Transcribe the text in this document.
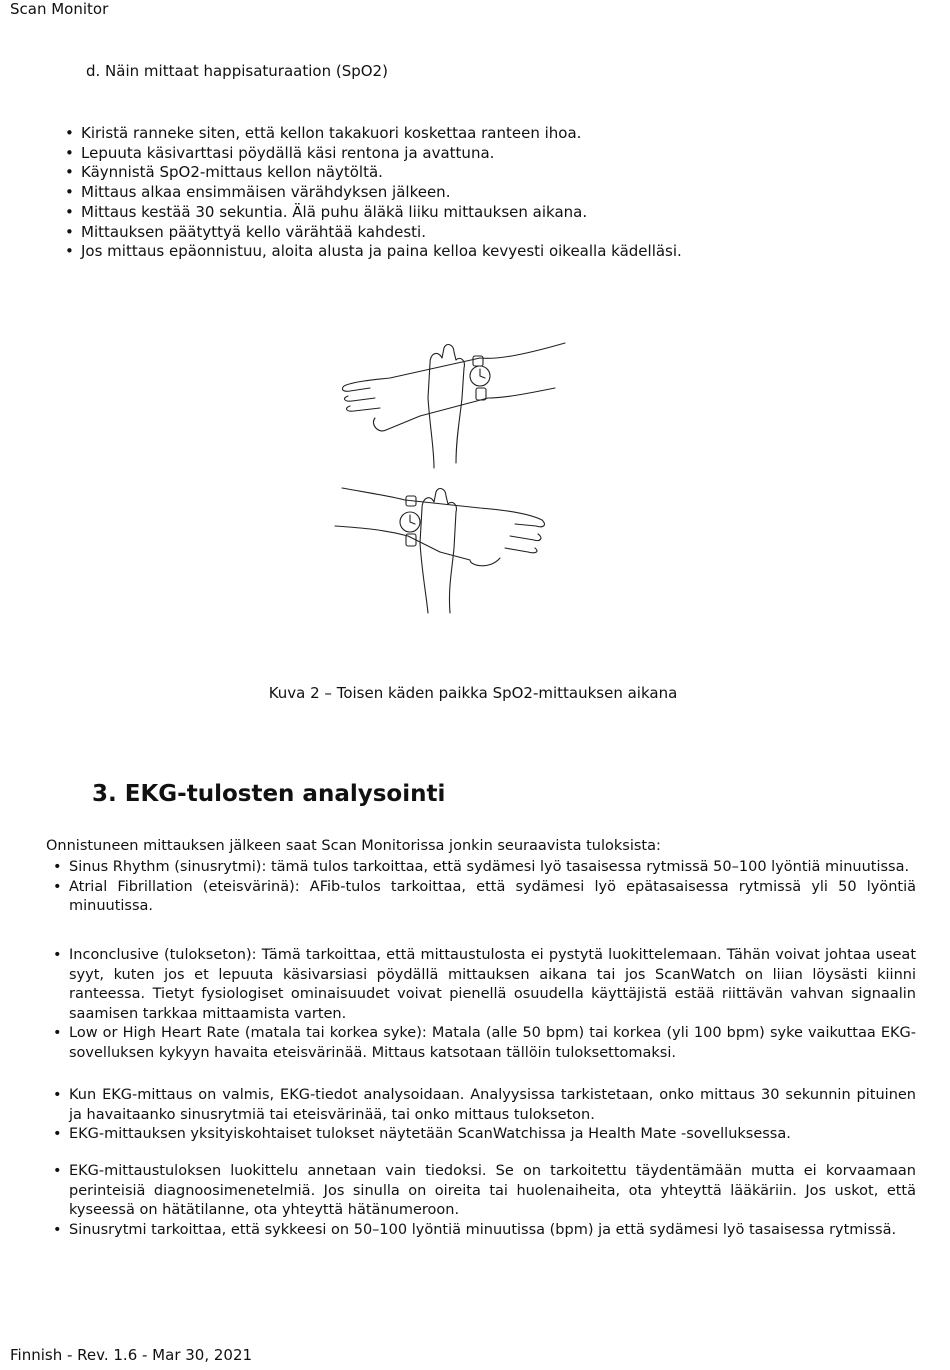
Scan Monitor
d. Näin mittaat happisaturaation (SpO2)
• Kiristä ranneke siten, että kellon takakuori koskettaa ranteen ihoa.
• Lepuuta käsivarttasi pöydällä käsi rentona ja avattuna.
• Käynnistä SpO2-mittaus kellon näytöltä.
• Mittaus alkaa ensimmäisen värähdyksen jälkeen.
• Mittaus kestää 30 sekuntia. Älä puhu äläkä liiku mittauksen aikana.
• Mittauksen päätyttyä kello värähtää kahdesti.
• Jos mittaus epäonnistuu, aloita alusta ja paina kelloa kevyesti oikealla kädelläsi.
Kuva 2 – Toisen käden paikka SpO2-mittauksen aikana
3. EKG-tulosten analysointi
Onnistuneen mittauksen jälkeen saat Scan Monitorissa jonkin seuraavista tuloksista:
• Sinus Rhythm (sinusrytmi): tämä tulos tarkoittaa, että sydämesi lyö tasaisessa rytmissä 50–100 lyöntiä minuutissa.
• Atrial Fibrillation (eteisvärinä): AFib-tulos tarkoittaa, että sydämesi lyö epätasaisessa rytmissä yli 50 lyöntiä minuutissa.
• Inconclusive (tulokseton): Tämä tarkoittaa, että mittaustulosta ei pystytä luokittelemaan. Tähän voivat johtaa useat syyt, kuten jos et lepuuta käsivarsiasi pöydällä mittauksen aikana tai jos ScanWatch on liian löysästi kiinni ranteessa. Tietyt fysiologiset ominaisuudet voivat pienellä osuudella käyttäjistä estää riittävän vahvan signaalin saamisen tarkkaa mittaamista varten.
• Low or High Heart Rate (matala tai korkea syke): Matala (alle 50 bpm) tai korkea (yli 100 bpm) syke vaikuttaa EKG-sovelluksen kykyyn havaita eteisvärinää. Mittaus katsotaan tällöin tuloksettomaksi.
• Kun EKG-mittaus on valmis, EKG-tiedot analysoidaan. Analyysissa tarkistetaan, onko mittaus 30 sekunnin pituinen ja havaitaanko sinusrytmiä tai eteisvärinää, tai onko mittaus tulokseton.
• EKG-mittauksen yksityiskohtaiset tulokset näytetään ScanWatchissa ja Health Mate -sovelluksessa.
• EKG-mittaustuloksen luokittelu annetaan vain tiedoksi. Se on tarkoitettu täydentämään mutta ei korvaamaan perinteisiä diagnoosimenetelmiä. Jos sinulla on oireita tai huolenaiheita, ota yhteyttä lääkäriin. Jos uskot, että kyseessä on hätätilanne, ota yhteyttä hätänumeroon.
• Sinusrytmi tarkoittaa, että sykkeesi on 50–100 lyöntiä minuutissa (bpm) ja että sydämesi lyö tasaisessa rytmissä.
Finnish - Rev. 1.6 - Mar 30, 2021
